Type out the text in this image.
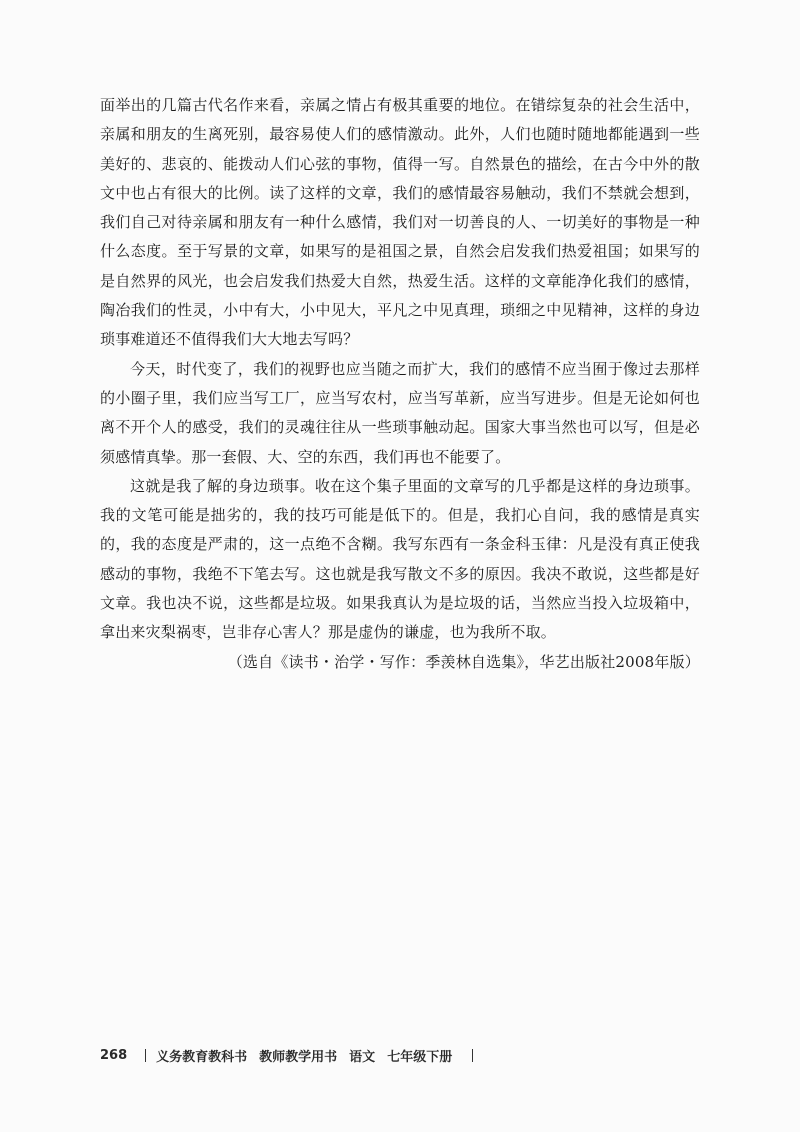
面举出的几篇古代名作来看，亲属之情占有极其重要的地位。在错综复杂的社会生活中，亲属和朋友的生离死别，最容易使人们的感情激动。此外，人们也随时随地都能遇到一些美好的、悲哀的、能拨动人们心弦的事物，值得一写。自然景色的描绘，在古今中外的散文中也占有很大的比例。读了这样的文章，我们的感情最容易触动，我们不禁就会想到，我们自己对待亲属和朋友有一种什么感情，我们对一切善良的人、一切美好的事物是一种什么态度。至于写景的文章，如果写的是祖国之景，自然会启发我们热爱祖国；如果写的是自然界的风光，也会启发我们热爱大自然，热爱生活。这样的文章能净化我们的感情，陶冶我们的性灵，小中有大，小中见大，平凡之中见真理，琐细之中见精神，这样的身边琐事难道还不值得我们大大地去写吗？

今天，时代变了，我们的视野也应当随之而扩大，我们的感情不应当囿于像过去那样的小圈子里，我们应当写工厂，应当写农村，应当写革新，应当写进步。但是无论如何也离不开个人的感受，我们的灵魂往往从一些琐事触动起。国家大事当然也可以写，但是必须感情真挚。那一套假、大、空的东西，我们再也不能要了。

这就是我了解的身边琐事。收在这个集子里面的文章写的几乎都是这样的身边琐事。我的文笔可能是拙劣的，我的技巧可能是低下的。但是，我扪心自问，我的感情是真实的，我的态度是严肃的，这一点绝不含糊。我写东西有一条金科玉律：凡是没有真正使我感动的事物，我绝不下笔去写。这也就是我写散文不多的原因。我决不敢说，这些都是好文章。我也决不说，这些都是垃圾。如果我真认为是垃圾的话，当然应当投入垃圾箱中，拿出来灾梨祸枣，岂非存心害人？那是虚伪的谦虚，也为我所不取。

（选自《读书・治学・写作：季羡林自选集》，华艺出版社2008年版）

268 义务教育教科书 教师教学用书 语文 七年级下册
